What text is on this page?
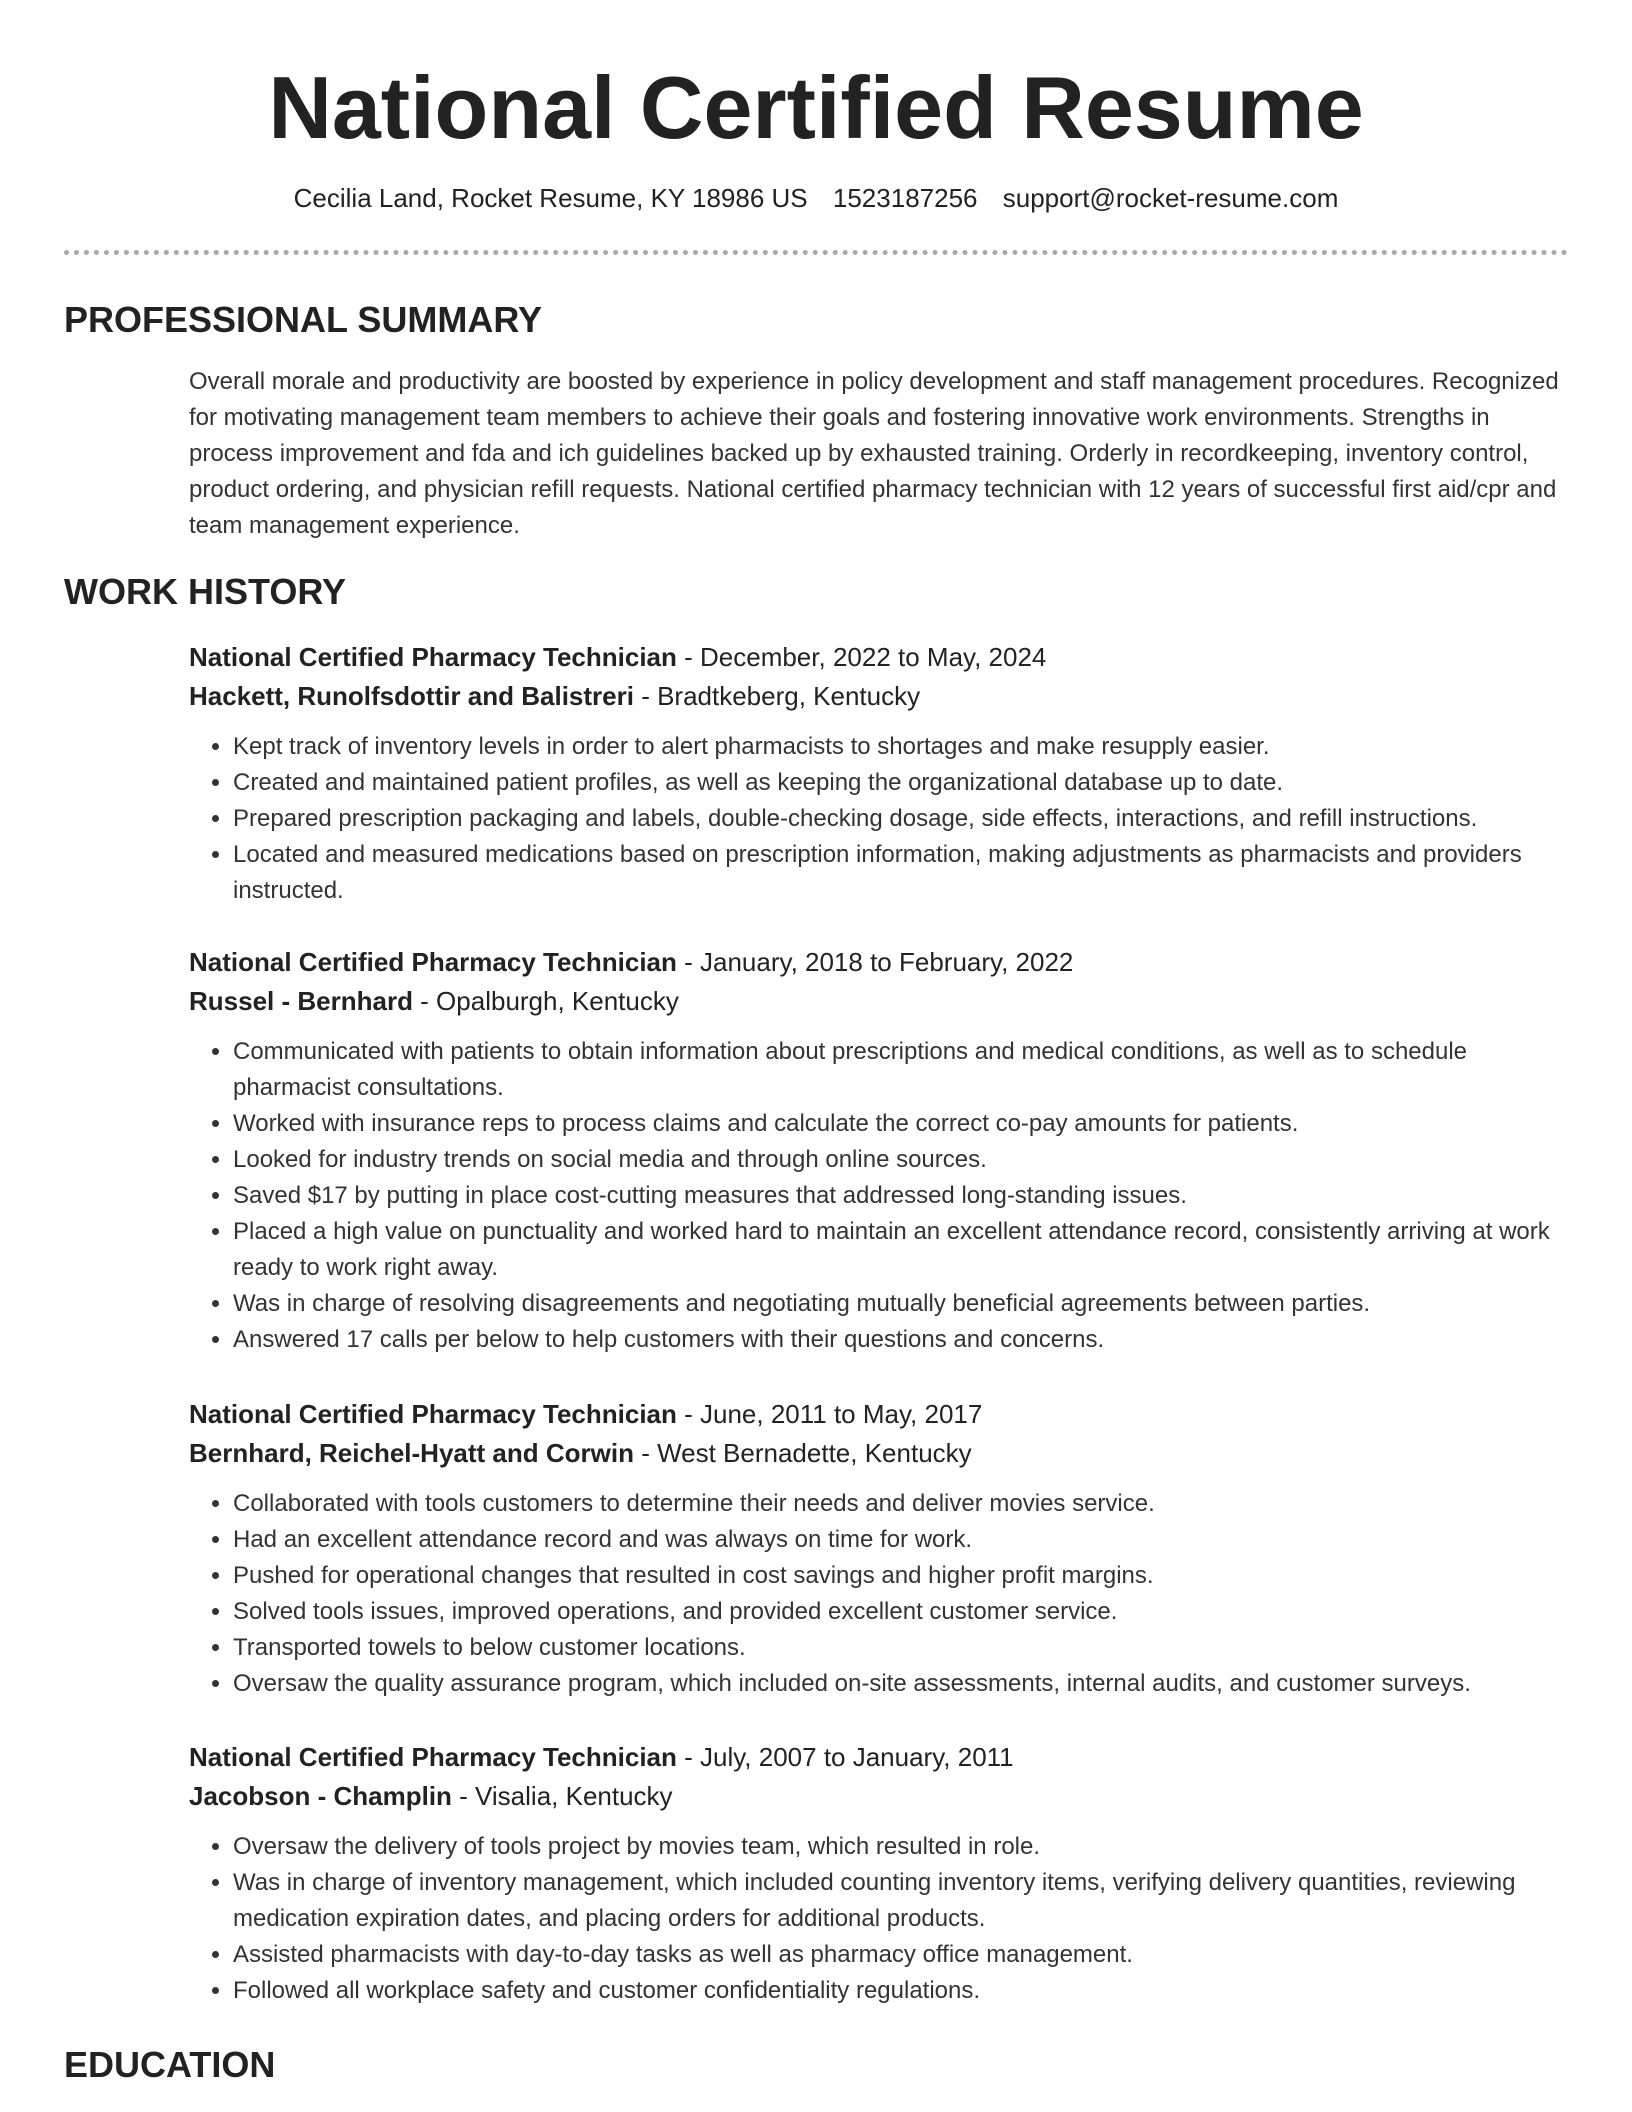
National Certified Resume
Cecilia Land, Rocket Resume, KY 18986 US 1523187256 support@rocket-resume.com
PROFESSIONAL SUMMARY

Overall morale and productivity are boosted by experience in policy development and staff management procedures. Recognized for motivating management team members to achieve their goals and fostering innovative work environments. Strengths in process improvement and fda and ich guidelines backed up by exhausted training. Orderly in recordkeeping, inventory control, product ordering, and physician refill requests. National certified pharmacy technician with 12 years of successful first aid/cpr and team management experience.

WORK HISTORY

National Certified Pharmacy Technician - December, 2022 to May, 2024

Hackett, Runolfsdottir and Balistreri - Bradtkeberg, Kentucky

• Kept track of inventory levels in order to alert pharmacists to shortages and make resupply easier.
• Created and maintained patient profiles, as well as keeping the organizational database up to date.
• Prepared prescription packaging and labels, double-checking dosage, side effects, interactions, and refill instructions.
• Located and measured medications based on prescription information, making adjustments as pharmacists and providers instructed.

National Certified Pharmacy Technician - January, 2018 to February, 2022

Russel - Bernhard - Opalburgh, Kentucky

• Communicated with patients to obtain information about prescriptions and medical conditions, as well as to schedule pharmacist consultations.
• Worked with insurance reps to process claims and calculate the correct co-pay amounts for patients.
• Looked for industry trends on social media and through online sources.
• Saved $17 by putting in place cost-cutting measures that addressed long-standing issues.
• Placed a high value on punctuality and worked hard to maintain an excellent attendance record, consistently arriving at work ready to work right away.
• Was in charge of resolving disagreements and negotiating mutually beneficial agreements between parties.
• Answered 17 calls per below to help customers with their questions and concerns.

National Certified Pharmacy Technician - June, 2011 to May, 2017

Bernhard, Reichel-Hyatt and Corwin - West Bernadette, Kentucky

• Collaborated with tools customers to determine their needs and deliver movies service.
• Had an excellent attendance record and was always on time for work.
• Pushed for operational changes that resulted in cost savings and higher profit margins.
• Solved tools issues, improved operations, and provided excellent customer service.
• Transported towels to below customer locations.
• Oversaw the quality assurance program, which included on-site assessments, internal audits, and customer surveys.

National Certified Pharmacy Technician - July, 2007 to January, 2011

Jacobson - Champlin - Visalia, Kentucky

• Oversaw the delivery of tools project by movies team, which resulted in role.
• Was in charge of inventory management, which included counting inventory items, verifying delivery quantities, reviewing medication expiration dates, and placing orders for additional products.
• Assisted pharmacists with day-to-day tasks as well as pharmacy office management.
• Followed all workplace safety and customer confidentiality regulations.
EDUCATION
